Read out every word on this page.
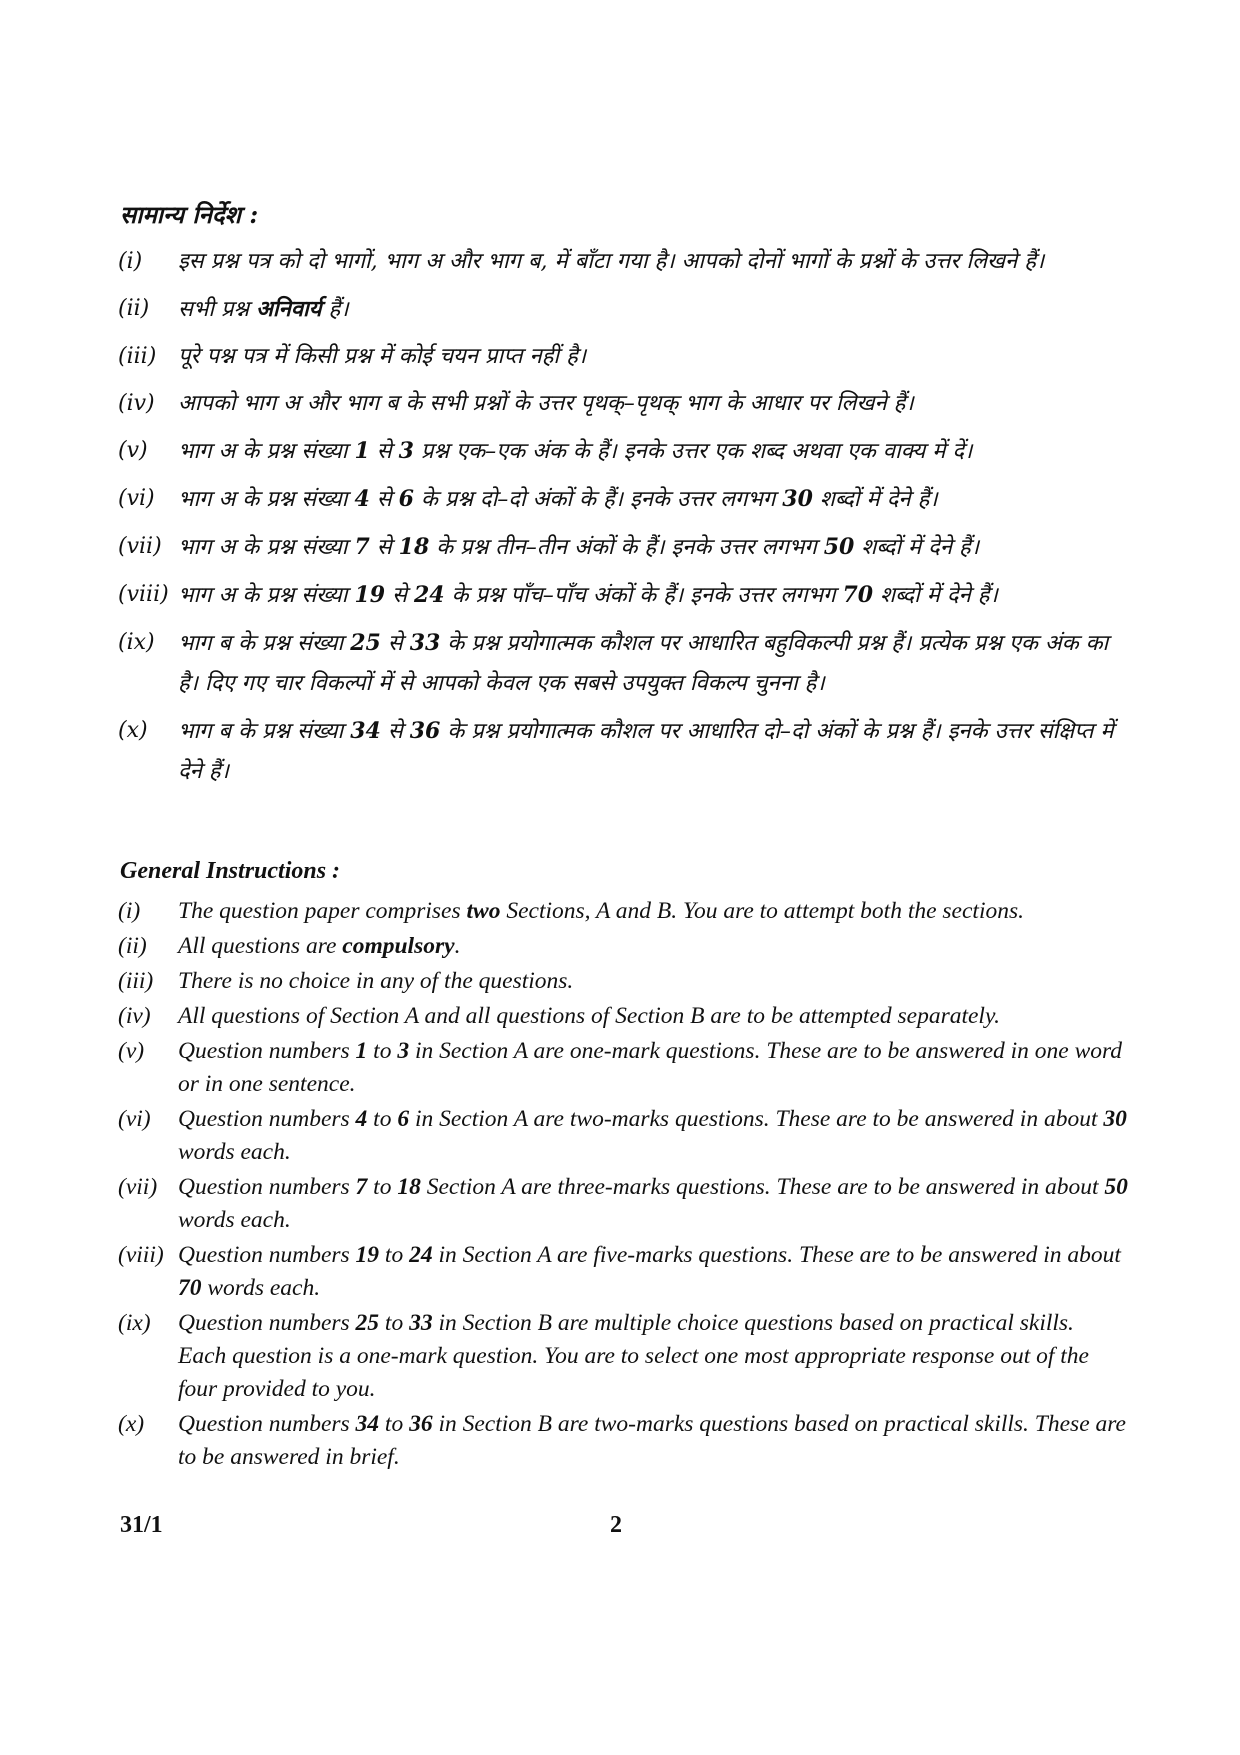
सामान्य निर्देश :
(i)	इस प्रश्न पत्र को दो भागों, भाग अ और भाग ब, में बाँटा गया है। आपको दोनों भागों के प्रश्नों के उत्तर लिखने हैं।
(ii)	सभी प्रश्न अनिवार्य हैं।
(iii) पूरे पश्न पत्र में किसी प्रश्न में कोई चयन प्राप्त नहीं है।
(iv)	आपको भाग अ और भाग ब के सभी प्रश्नों के उत्तर पृथक्–पृथक् भाग के आधार पर लिखने हैं।
(v)	भाग अ के प्रश्न संख्या 1 से 3 प्रश्न एक–एक अंक के हैं। इनके उत्तर एक शब्द अथवा एक वाक्य में दें।
(vi)	भाग अ के प्रश्न संख्या 4 से 6 के प्रश्न दो–दो अंकों के हैं। इनके उत्तर लगभग 30 शब्दों में देने हैं।
(vii) भाग अ के प्रश्न संख्या 7 से 18 के प्रश्न तीन–तीन अंकों के हैं। इनके उत्तर लगभग 50 शब्दों में देने हैं।
(viii) भाग अ के प्रश्न संख्या 19 से 24 के प्रश्न पाँच–पाँच अंकों के हैं। इनके उत्तर लगभग 70 शब्दों में देने हैं।
(ix)	भाग ब के प्रश्न संख्या 25 से 33 के प्रश्न प्रयोगात्मक कौशल पर आधारित बहुविकल्पी प्रश्न हैं। प्रत्येक प्रश्न एक अंक का है। दिए गए चार विकल्पों में से आपको केवल एक सबसे उपयुक्त विकल्प चुनना है।
(x)	भाग ब के प्रश्न संख्या 34 से 36 के प्रश्न प्रयोगात्मक कौशल पर आधारित दो–दो अंकों के प्रश्न हैं। इनके उत्तर संक्षिप्त में देने हैं।
General Instructions :
(i)	The question paper comprises two Sections, A and B. You are to attempt both the sections.
(ii)	All questions are compulsory.
(iii)	There is no choice in any of the questions.
(iv)	All questions of Section A and all questions of Section B are to be attempted separately.
(v)	Question numbers 1 to 3 in Section A are one-mark questions. These are to be answered in one word or in one sentence.
(vi)	Question numbers 4 to 6 in Section A are two-marks questions. These are to be answered in about 30 words each.
(vii) Question numbers 7 to 18 Section A are three-marks questions. These are to be answered in about 50 words each.
(viii) Question numbers 19 to 24 in Section A are five-marks questions. These are to be answered in about 70 words each.
(ix)	Question numbers 25 to 33 in Section B are multiple choice questions based on practical skills. Each question is a one-mark question. You are to select one most appropriate response out of the four provided to you.
(x)	Question numbers 34 to 36 in Section B are two-marks questions based on practical skills. These are to be answered in brief.
31/1	2
